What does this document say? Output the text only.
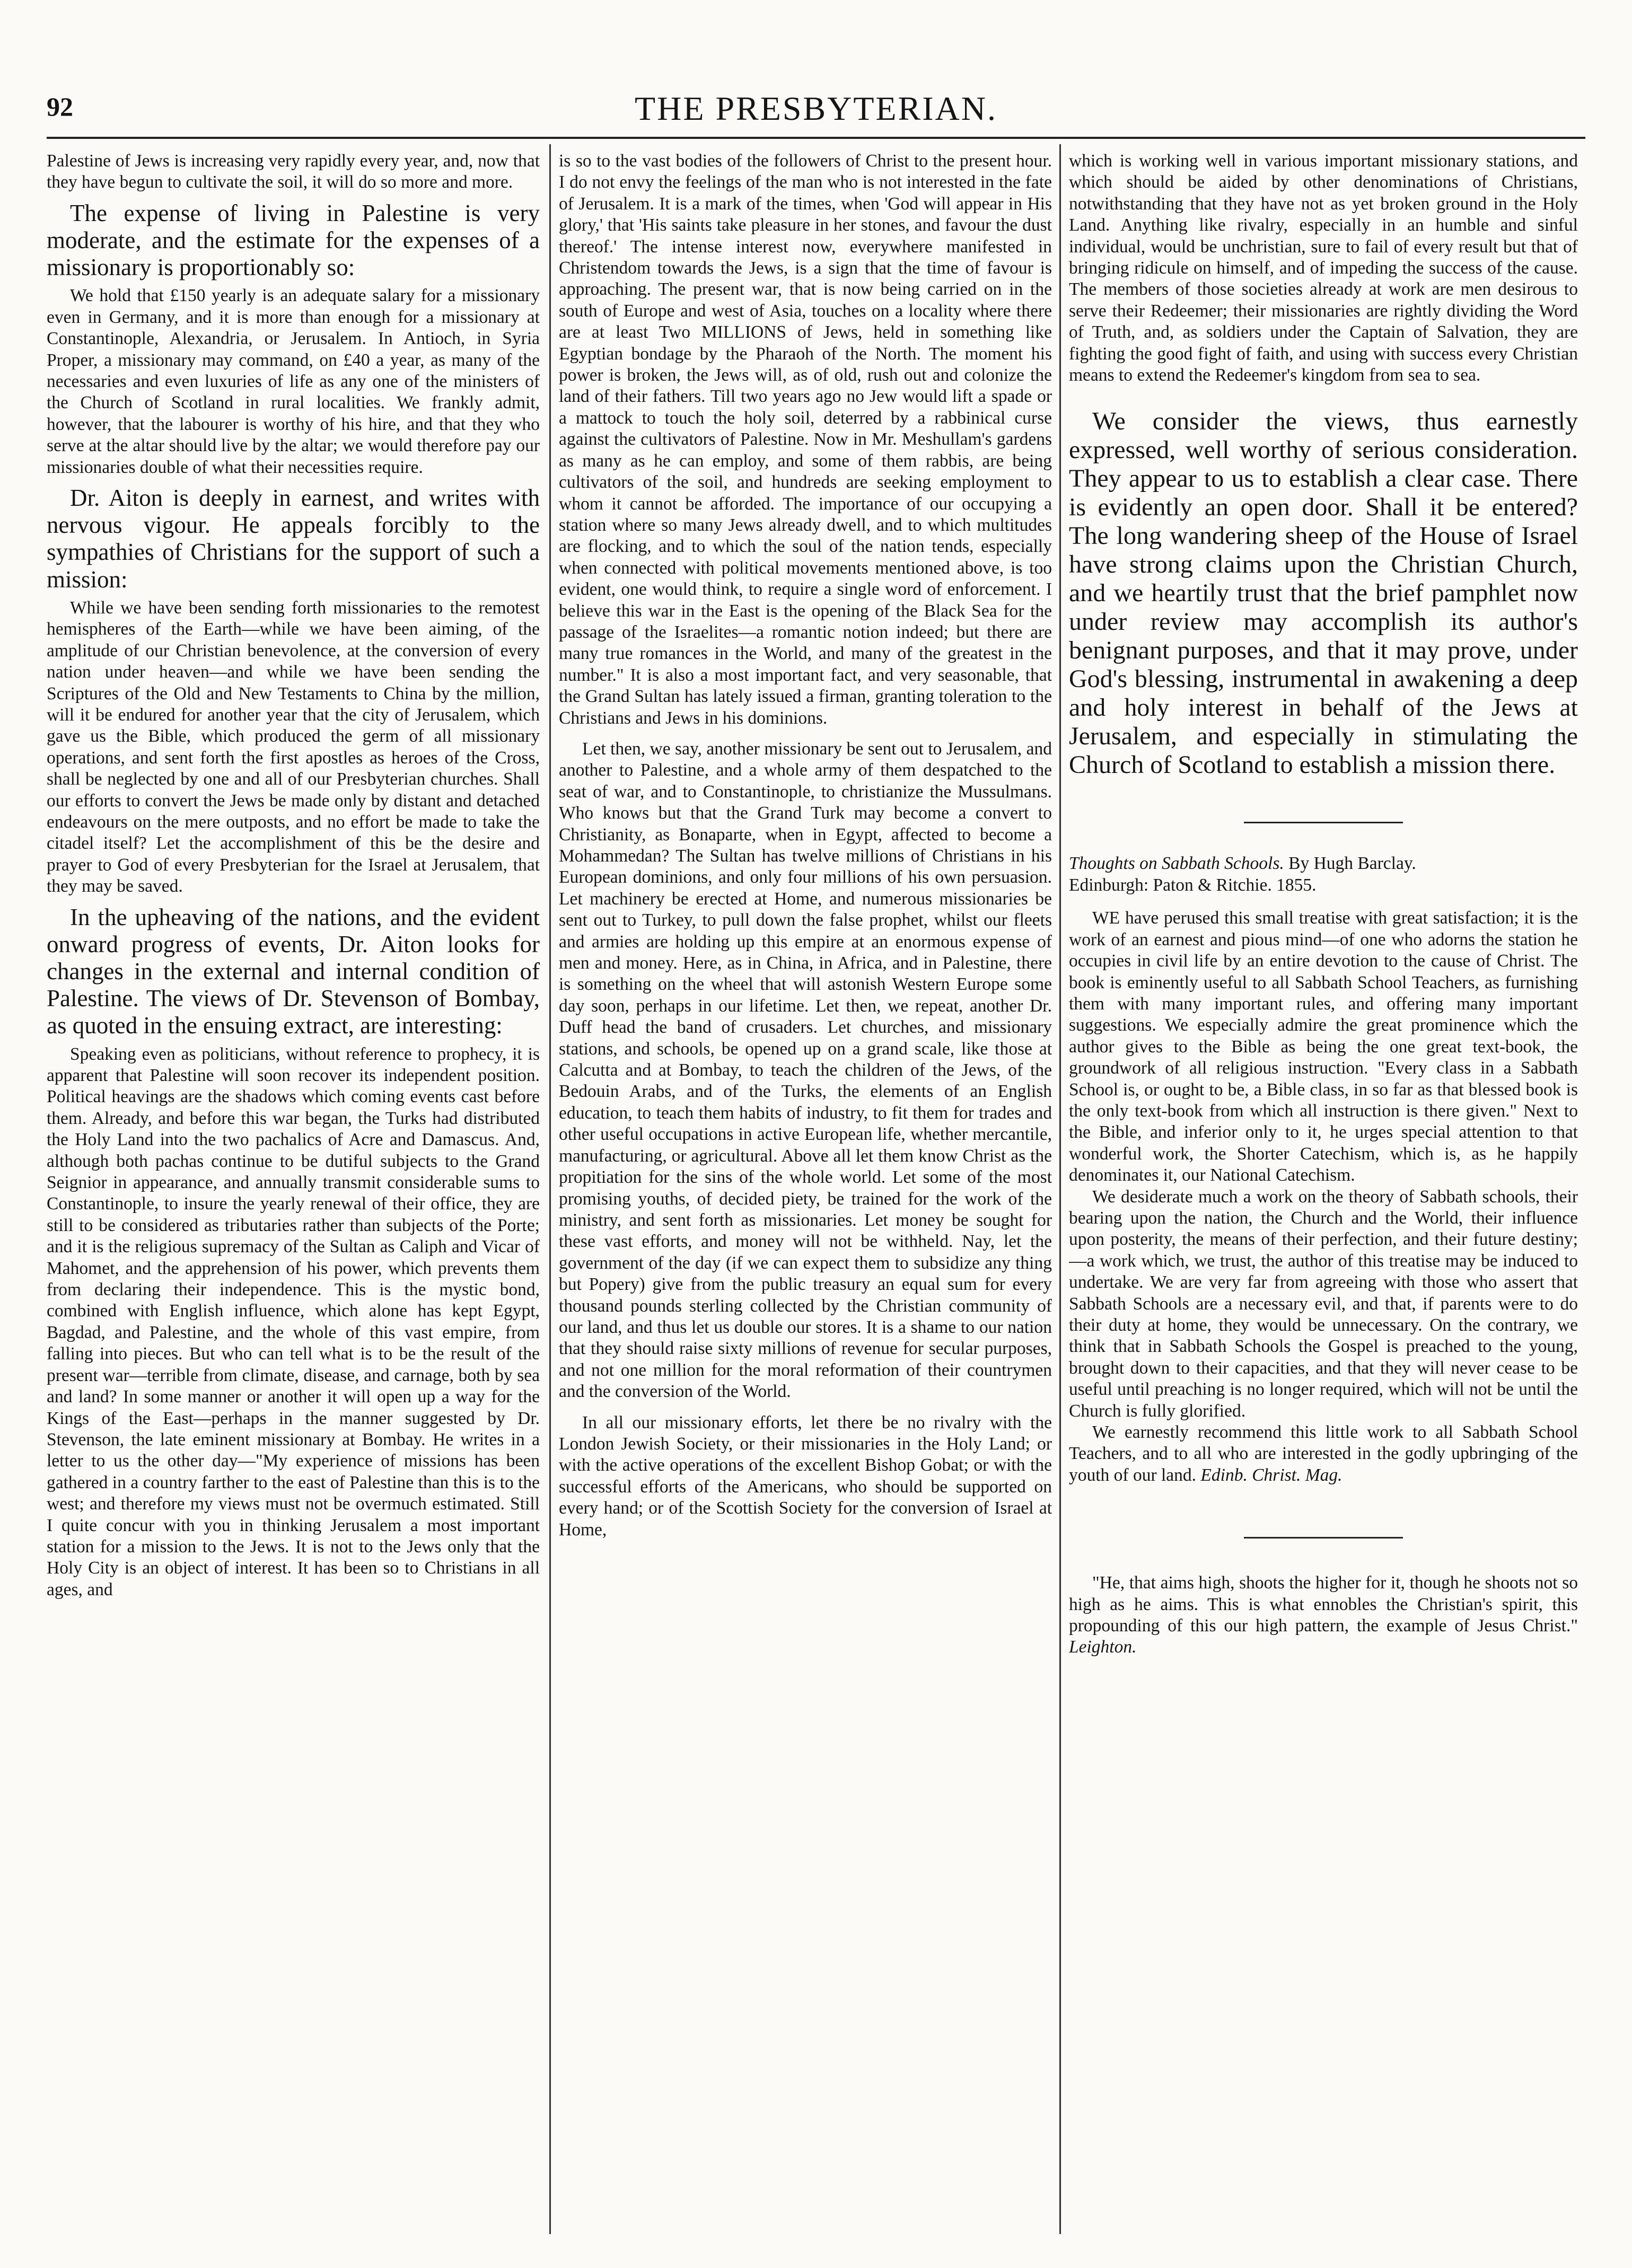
92	THE PRESBYTERIAN.

Palestine of Jews is increasing very rapidly every year, and, now that they have begun to cultivate the soil, it will do so more and more.

The expense of living in Palestine is very moderate, and the estimate for the expenses of a missionary is proportionably so:

We hold that £150 yearly is an adequate salary for a missionary even in Germany, and it is more than enough for a missionary at Constantinople, Alexandria, or Jerusalem. In Antioch, in Syria Proper, a missionary may command, on £40 a year, as many of the necessaries and even luxuries of life as any one of the ministers of the Church of Scotland in rural localities. We frankly admit, however, that the labourer is worthy of his hire, and that they who serve at the altar should live by the altar; we would therefore pay our missionaries double of what their necessities require.

Dr. Aiton is deeply in earnest, and writes with nervous vigour. He appeals forcibly to the sympathies of Christians for the support of such a mission:

While we have been sending forth missionaries to the remotest hemispheres of the Earth—while we have been aiming, of the amplitude of our Christian benevolence, at the conversion of every nation under heaven—and while we have been sending the Scriptures of the Old and New Testaments to China by the million, will it be endured for another year that the city of Jerusalem, which gave us the Bible, which produced the germ of all missionary operations, and sent forth the first apostles as heroes of the Cross, shall be neglected by one and all of our Presbyterian churches. Shall our efforts to convert the Jews be made only by distant and detached endeavours on the mere outposts, and no effort be made to take the citadel itself? Let the accomplishment of this be the desire and prayer to God of every Presbyterian for the Israel at Jerusalem, that they may be saved.

In the upheaving of the nations, and the evident onward progress of events, Dr. Aiton looks for changes in the external and internal condition of Palestine. The views of Dr. Stevenson of Bombay, as quoted in the ensuing extract, are interesting:

Speaking even as politicians, without reference to prophecy, it is apparent that Palestine will soon recover its independent position. Political heavings are the shadows which coming events cast before them. Already, and before this war began, the Turks had distributed the Holy Land into the two pachalics of Acre and Damascus. And, although both pachas continue to be dutiful subjects to the Grand Seignior in appearance, and annually transmit considerable sums to Constantinople, to insure the yearly renewal of their office, they are still to be considered as tributaries rather than subjects of the Porte; and it is the religious supremacy of the Sultan as Caliph and Vicar of Mahomet, and the apprehension of his power, which prevents them from declaring their independence. This is the mystic bond, combined with English influence, which alone has kept Egypt, Bagdad, and Palestine, and the whole of this vast empire, from falling into pieces. But who can tell what is to be the result of the present war—terrible from climate, disease, and carnage, both by sea and land? In some manner or another it will open up a way for the Kings of the East—perhaps in the manner suggested by Dr. Stevenson, the late eminent missionary at Bombay. He writes in a letter to us the other day—"My experience of missions has been gathered in a country farther to the east of Palestine than this is to the west; and therefore my views must not be overmuch estimated. Still I quite concur with you in thinking Jerusalem a most important station for a mission to the Jews. It is not to the Jews only that the Holy City is an object of interest. It has been so to Christians in all ages, and

is so to the vast bodies of the followers of Christ to the present hour. I do not envy the feelings of the man who is not interested in the fate of Jerusalem. It is a mark of the times, when 'God will appear in His glory,' that 'His saints take pleasure in her stones, and favour the dust thereof.' The intense interest now, everywhere manifested in Christendom towards the Jews, is a sign that the time of favour is approaching. The present war, that is now being carried on in the south of Europe and west of Asia, touches on a locality where there are at least Two MILLIONS of Jews, held in something like Egyptian bondage by the Pharaoh of the North. The moment his power is broken, the Jews will, as of old, rush out and colonize the land of their fathers. Till two years ago no Jew would lift a spade or a mattock to touch the holy soil, deterred by a rabbinical curse against the cultivators of Palestine. Now in Mr. Meshullam's gardens as many as he can employ, and some of them rabbis, are being cultivators of the soil, and hundreds are seeking employment to whom it cannot be afforded. The importance of our occupying a station where so many Jews already dwell, and to which multitudes are flocking, and to which the soul of the nation tends, especially when connected with political movements mentioned above, is too evident, one would think, to require a single word of enforcement. I believe this war in the East is the opening of the Black Sea for the passage of the Israelites—a romantic notion indeed; but there are many true romances in the World, and many of the greatest in the number." It is also a most important fact, and very seasonable, that the Grand Sultan has lately issued a firman, granting toleration to the Christians and Jews in his dominions.

Let then, we say, another missionary be sent out to Jerusalem, and another to Palestine, and a whole army of them despatched to the seat of war, and to Constantinople, to christianize the Mussulmans. Who knows but that the Grand Turk may become a convert to Christianity, as Bonaparte, when in Egypt, affected to become a Mohammedan? The Sultan has twelve millions of Christians in his European dominions, and only four millions of his own persuasion. Let machinery be erected at Home, and numerous missionaries be sent out to Turkey, to pull down the false prophet, whilst our fleets and armies are holding up this empire at an enormous expense of men and money. Here, as in China, in Africa, and in Palestine, there is something on the wheel that will astonish Western Europe some day soon, perhaps in our lifetime. Let then, we repeat, another Dr. Duff head the band of crusaders. Let churches, and missionary stations, and schools, be opened up on a grand scale, like those at Calcutta and at Bombay, to teach the children of the Jews, of the Bedouin Arabs, and of the Turks, the elements of an English education, to teach them habits of industry, to fit them for trades and other useful occupations in active European life, whether mercantile, manufacturing, or agricultural. Above all let them know Christ as the propitiation for the sins of the whole world. Let some of the most promising youths, of decided piety, be trained for the work of the ministry, and sent forth as missionaries. Let money be sought for these vast efforts, and money will not be withheld. Nay, let the government of the day (if we can expect them to subsidize any thing but Popery) give from the public treasury an equal sum for every thousand pounds sterling collected by the Christian community of our land, and thus let us double our stores. It is a shame to our nation that they should raise sixty millions of revenue for secular purposes, and not one million for the moral reformation of their countrymen and the conversion of the World.

In all our missionary efforts, let there be no rivalry with the London Jewish Society, or their missionaries in the Holy Land; or with the active operations of the excellent Bishop Gobat; or with the successful efforts of the Americans, who should be supported on every hand; or of the Scottish Society for the conversion of Israel at Home,

which is working well in various important missionary stations, and which should be aided by other denominations of Christians, notwithstanding that they have not as yet broken ground in the Holy Land. Anything like rivalry, especially in an humble and sinful individual, would be unchristian, sure to fail of every result but that of bringing ridicule on himself, and of impeding the success of the cause. The members of those societies already at work are men desirous to serve their Redeemer; their missionaries are rightly dividing the Word of Truth, and, as soldiers under the Captain of Salvation, they are fighting the good fight of faith, and using with success every Christian means to extend the Redeemer's kingdom from sea to sea.

We consider the views, thus earnestly expressed, well worthy of serious consideration. They appear to us to establish a clear case. There is evidently an open door. Shall it be entered? The long wandering sheep of the House of Israel have strong claims upon the Christian Church, and we heartily trust that the brief pamphlet now under review may accomplish its author's benignant purposes, and that it may prove, under God's blessing, instrumental in awakening a deep and holy interest in behalf of the Jews at Jerusalem, and especially in stimulating the Church of Scotland to establish a mission there.

Thoughts on Sabbath Schools. By Hugh Barclay.
Edinburgh: Paton & Ritchie. 1855.

WE have perused this small treatise with great satisfaction; it is the work of an earnest and pious mind—of one who adorns the station he occupies in civil life by an entire devotion to the cause of Christ. The book is eminently useful to all Sabbath School Teachers, as furnishing them with many important rules, and offering many important suggestions. We especially admire the great prominence which the author gives to the Bible as being the one great text-book, the groundwork of all religious instruction. "Every class in a Sabbath School is, or ought to be, a Bible class, in so far as that blessed book is the only text-book from which all instruction is there given." Next to the Bible, and inferior only to it, he urges special attention to that wonderful work, the Shorter Catechism, which is, as he happily denominates it, our National Catechism.

We desiderate much a work on the theory of Sabbath schools, their bearing upon the nation, the Church and the World, their influence upon posterity, the means of their perfection, and their future destiny;—a work which, we trust, the author of this treatise may be induced to undertake. We are very far from agreeing with those who assert that Sabbath Schools are a necessary evil, and that, if parents were to do their duty at home, they would be unnecessary. On the contrary, we think that in Sabbath Schools the Gospel is preached to the young, brought down to their capacities, and that they will never cease to be useful until preaching is no longer required, which will not be until the Church is fully glorified.

We earnestly recommend this little work to all Sabbath School Teachers, and to all who are interested in the godly upbringing of the youth of our land. Edinb. Christ. Mag.

"He, that aims high, shoots the higher for it, though he shoots not so high as he aims. This is what ennobles the Christian's spirit, this propounding of this our high pattern, the example of Jesus Christ." Leighton.
